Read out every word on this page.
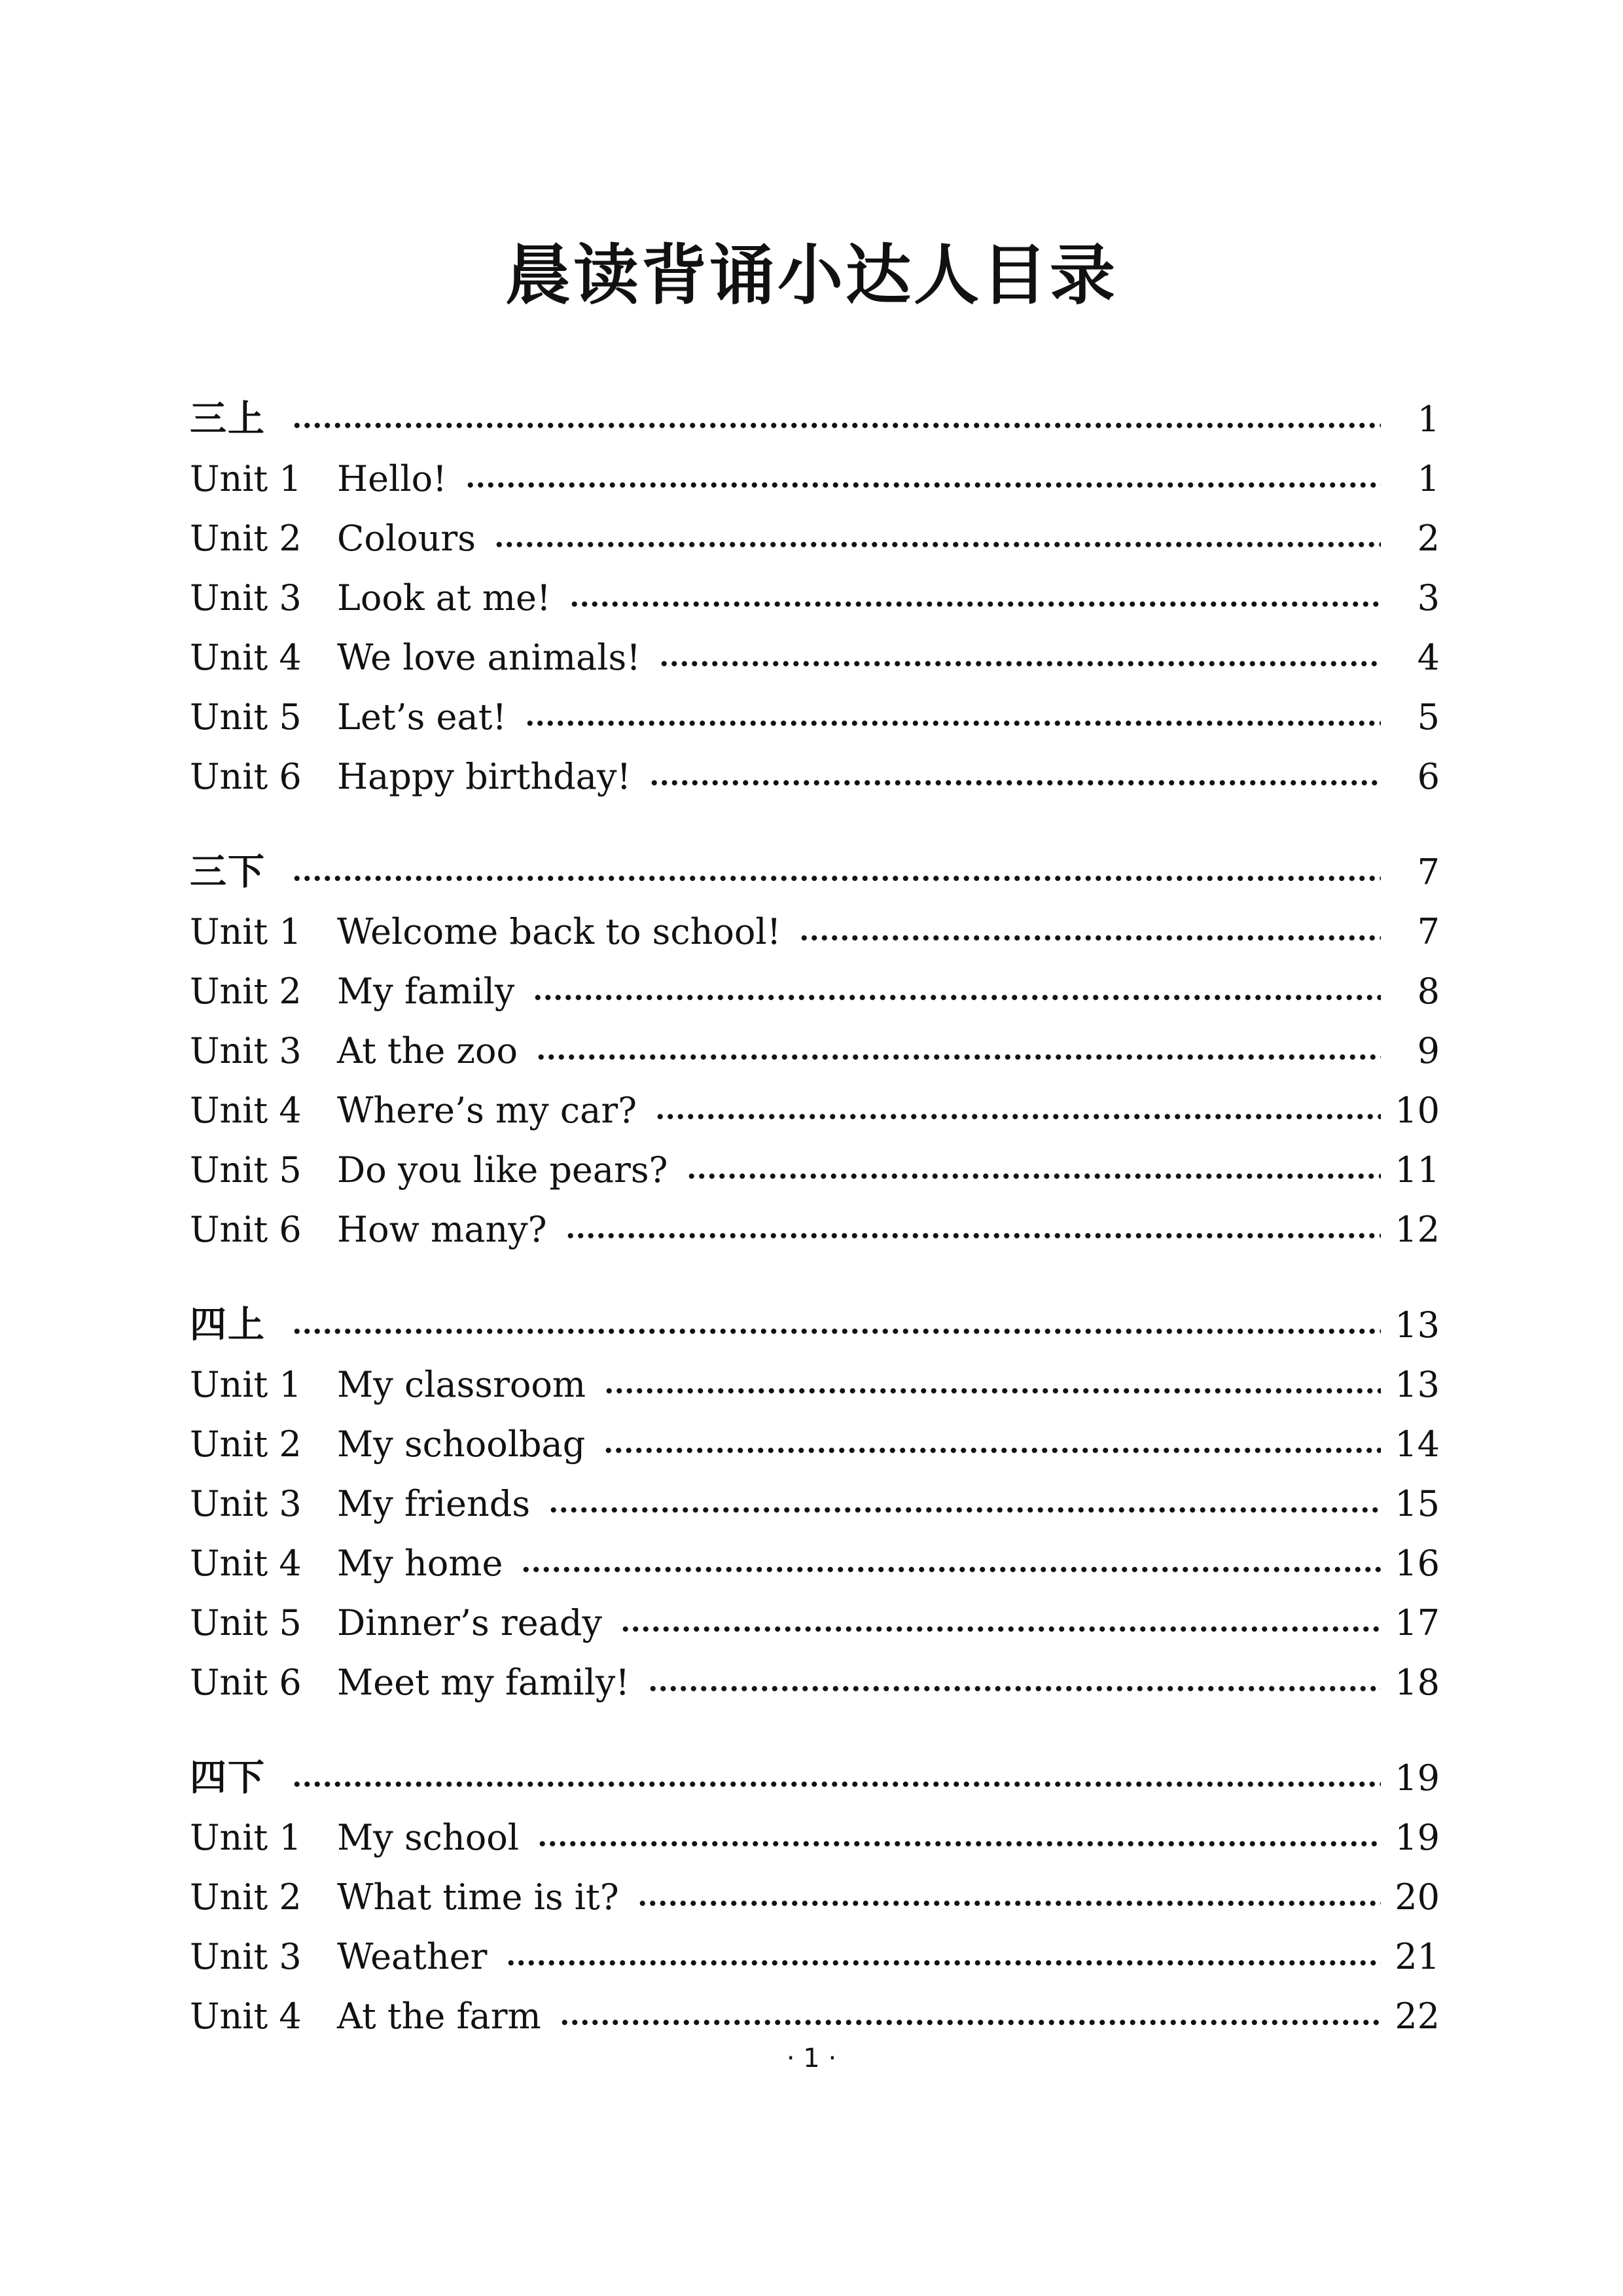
晨读背诵小达人目录
三上	1
Unit 1	Hello!	1
Unit 2	Colours	2
Unit 3	Look at me!	3
Unit 4	We love animals!	4
Unit 5	Let’s eat!	5
Unit 6	Happy birthday!	6
三下	7
Unit 1	Welcome back to school!	7
Unit 2	My family	8
Unit 3	At the zoo	9
Unit 4	Where’s my car?	10
Unit 5	Do you like pears?	11
Unit 6	How many?	12
四上	13
Unit 1	My classroom	13
Unit 2	My schoolbag	14
Unit 3	My friends	15
Unit 4	My home	16
Unit 5	Dinner’s ready	17
Unit 6	Meet my family!	18
四下	19
Unit 1	My school	19
Unit 2	What time is it?	20
Unit 3	Weather	21
Unit 4	At the farm	22
· 1 ·
